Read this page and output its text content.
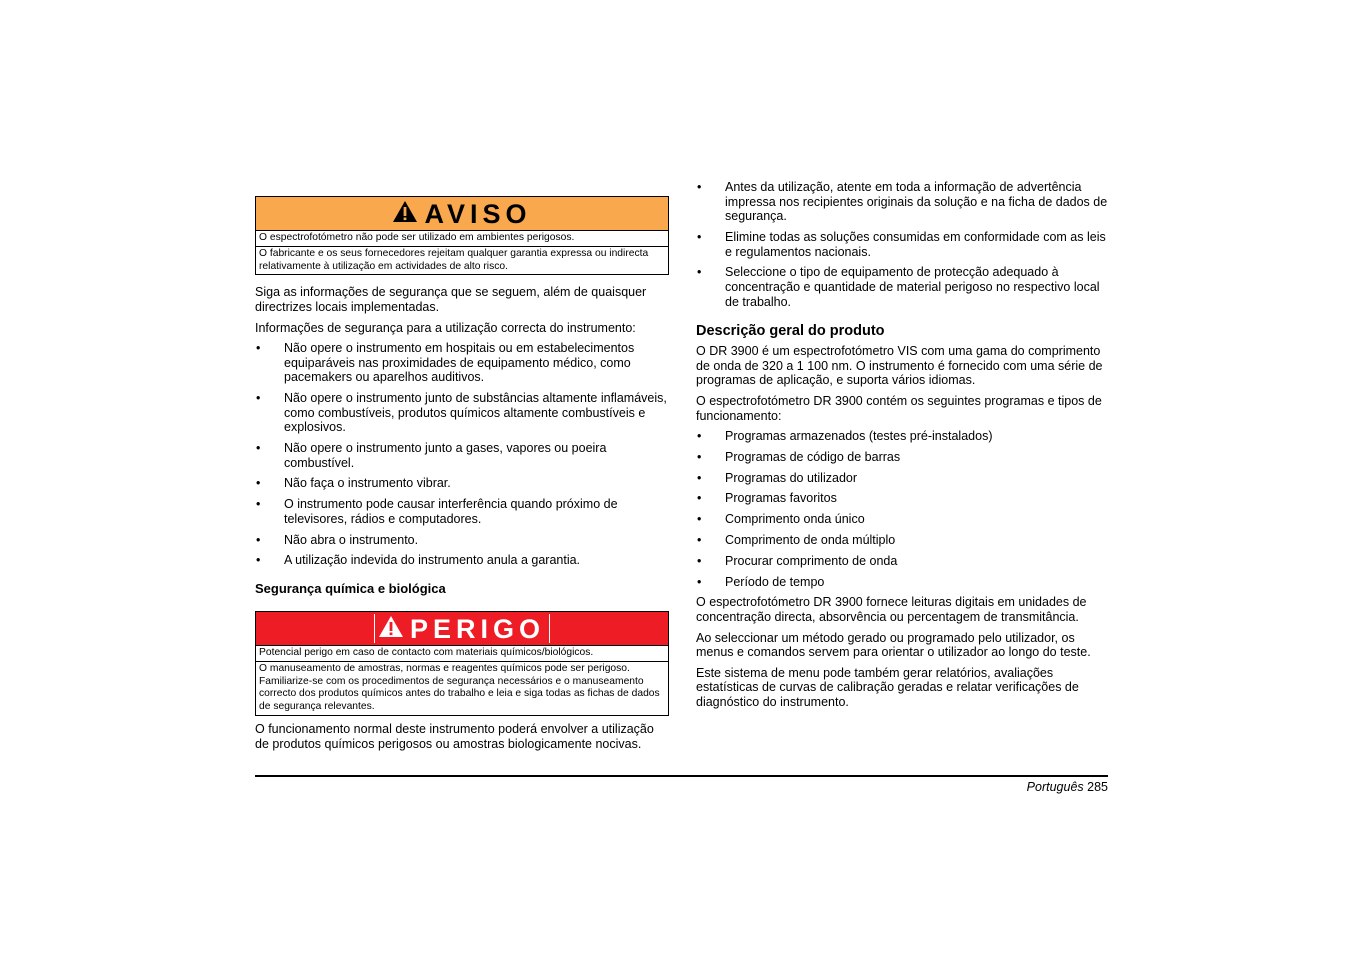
AVISO

O espectrofotómetro não pode ser utilizado em ambientes perigosos.

O fabricante e os seus fornecedores rejeitam qualquer garantia expressa ou indirecta relativamente à utilização em actividades de alto risco.

Siga as informações de segurança que se seguem, além de quaisquer directrizes locais implementadas.

Informações de segurança para a utilização correcta do instrumento:

• Não opere o instrumento em hospitais ou em estabelecimentos equiparáveis nas proximidades de equipamento médico, como pacemakers ou aparelhos auditivos.
• Não opere o instrumento junto de substâncias altamente inflamáveis, como combustíveis, produtos químicos altamente combustíveis e explosivos.
• Não opere o instrumento junto a gases, vapores ou poeira combustível.
• Não faça o instrumento vibrar.
• O instrumento pode causar interferência quando próximo de televisores, rádios e computadores.
• Não abra o instrumento.
• A utilização indevida do instrumento anula a garantia.
Segurança química e biológica
PERIGO

Potencial perigo em caso de contacto com materiais químicos/biológicos.

O manuseamento de amostras, normas e reagentes químicos pode ser perigoso. Familiarize-se com os procedimentos de segurança necessários e o manuseamento correcto dos produtos químicos antes do trabalho e leia e siga todas as fichas de dados de segurança relevantes.

O funcionamento normal deste instrumento poderá envolver a utilização de produtos químicos perigosos ou amostras biologicamente nocivas.

• Antes da utilização, atente em toda a informação de advertência impressa nos recipientes originais da solução e na ficha de dados de segurança.
• Elimine todas as soluções consumidas em conformidade com as leis e regulamentos nacionais.
• Seleccione o tipo de equipamento de protecção adequado à concentração e quantidade de material perigoso no respectivo local de trabalho.
Descrição geral do produto

O DR 3900 é um espectrofotómetro VIS com uma gama do comprimento de onda de 320 a 1 100 nm. O instrumento é fornecido com uma série de programas de aplicação, e suporta vários idiomas.

O espectrofotómetro DR 3900 contém os seguintes programas e tipos de funcionamento:

• Programas armazenados (testes pré-instalados)
• Programas de código de barras
• Programas do utilizador
• Programas favoritos
• Comprimento onda único
• Comprimento de onda múltiplo
• Procurar comprimento de onda
• Período de tempo

O espectrofotómetro DR 3900 fornece leituras digitais em unidades de concentração directa, absorvência ou percentagem de transmitância.

Ao seleccionar um método gerado ou programado pelo utilizador, os menus e comandos servem para orientar o utilizador ao longo do teste.

Este sistema de menu pode também gerar relatórios, avaliações estatísticas de curvas de calibração geradas e relatar verificações de diagnóstico do instrumento.

Português 285
